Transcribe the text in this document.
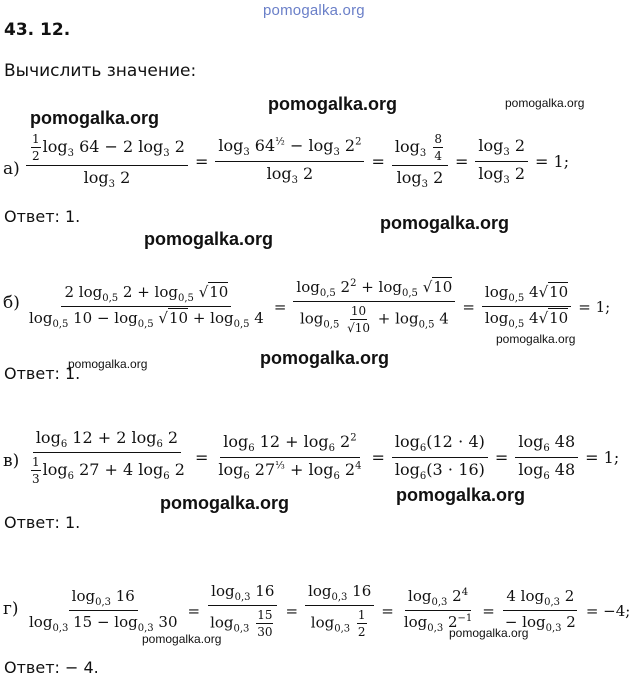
pomogalka.org
pomogalka.org
pomogalka.org	pomogalka.org
pomogalka.org
pomogalka.org
pomogalka.org
pomogalka.org
pomogalka.org
pomogalka.org
pomogalka.org
pomogalka.org	pomogalka.org
43. 12.
Вычислить значение:
$а) \frac{\frac{1}{2} \log_3 64 - 2 \log_3 2}{\log_3 2} = \frac{\log_3 64^{\frac{1}{2}} - \log_3 2^2}{\log_3 2} = \frac{\log_3 \frac{8}{4}}{\log_3 2} = \frac{\log_3 2}{\log_3 2} = 1$;
Ответ: 1.
$б) \frac{2 \log_{0,5} 2 + \log_{0,5} √10}{\log_{0,5} 10 - \log_{0,5} √10 + \log_{0,5} 4} = \frac{\log_{0,5} 2^2 + \log_{0,5} √10}{\log_{0,5} \frac{10}{√10} + \log_{0,5} 4} = \frac{\log_{0,5} 4√10}{\log_{0,5} 4√10} = 1$;
Ответ: 1.
$в) \frac{\log_6 12 + 2 \log_6 2}{\frac{1}{3} \log_6 27 + 4 \log_6 2} = \frac{\log_6 12 + \log_6 2^2}{\log_6 27^{\frac{1}{3}} + \log_6 2^4} = \frac{\log_6(12 \cdot 4)}{\log_6(3 \cdot 16)} = \frac{\log_6 48}{\log_6 48} = 1$;
Ответ: 1.
$г) \frac{\log_{0,3} 16}{\log_{0,3} 15 - \log_{0,3} 30} = \frac{\log_{0,3} 16}{\log_{0,3} \frac{15}{30}} = \frac{\log_{0,3} 16}{\log_{0,3} \frac{1}{2}} = \frac{\log_{0,3} 2^4}{\log_{0,3} 2^{-1}} = \frac{4 \log_{0,3} 2}{- \log_{0,3} 2} = -4$;
Ответ: − 4.
